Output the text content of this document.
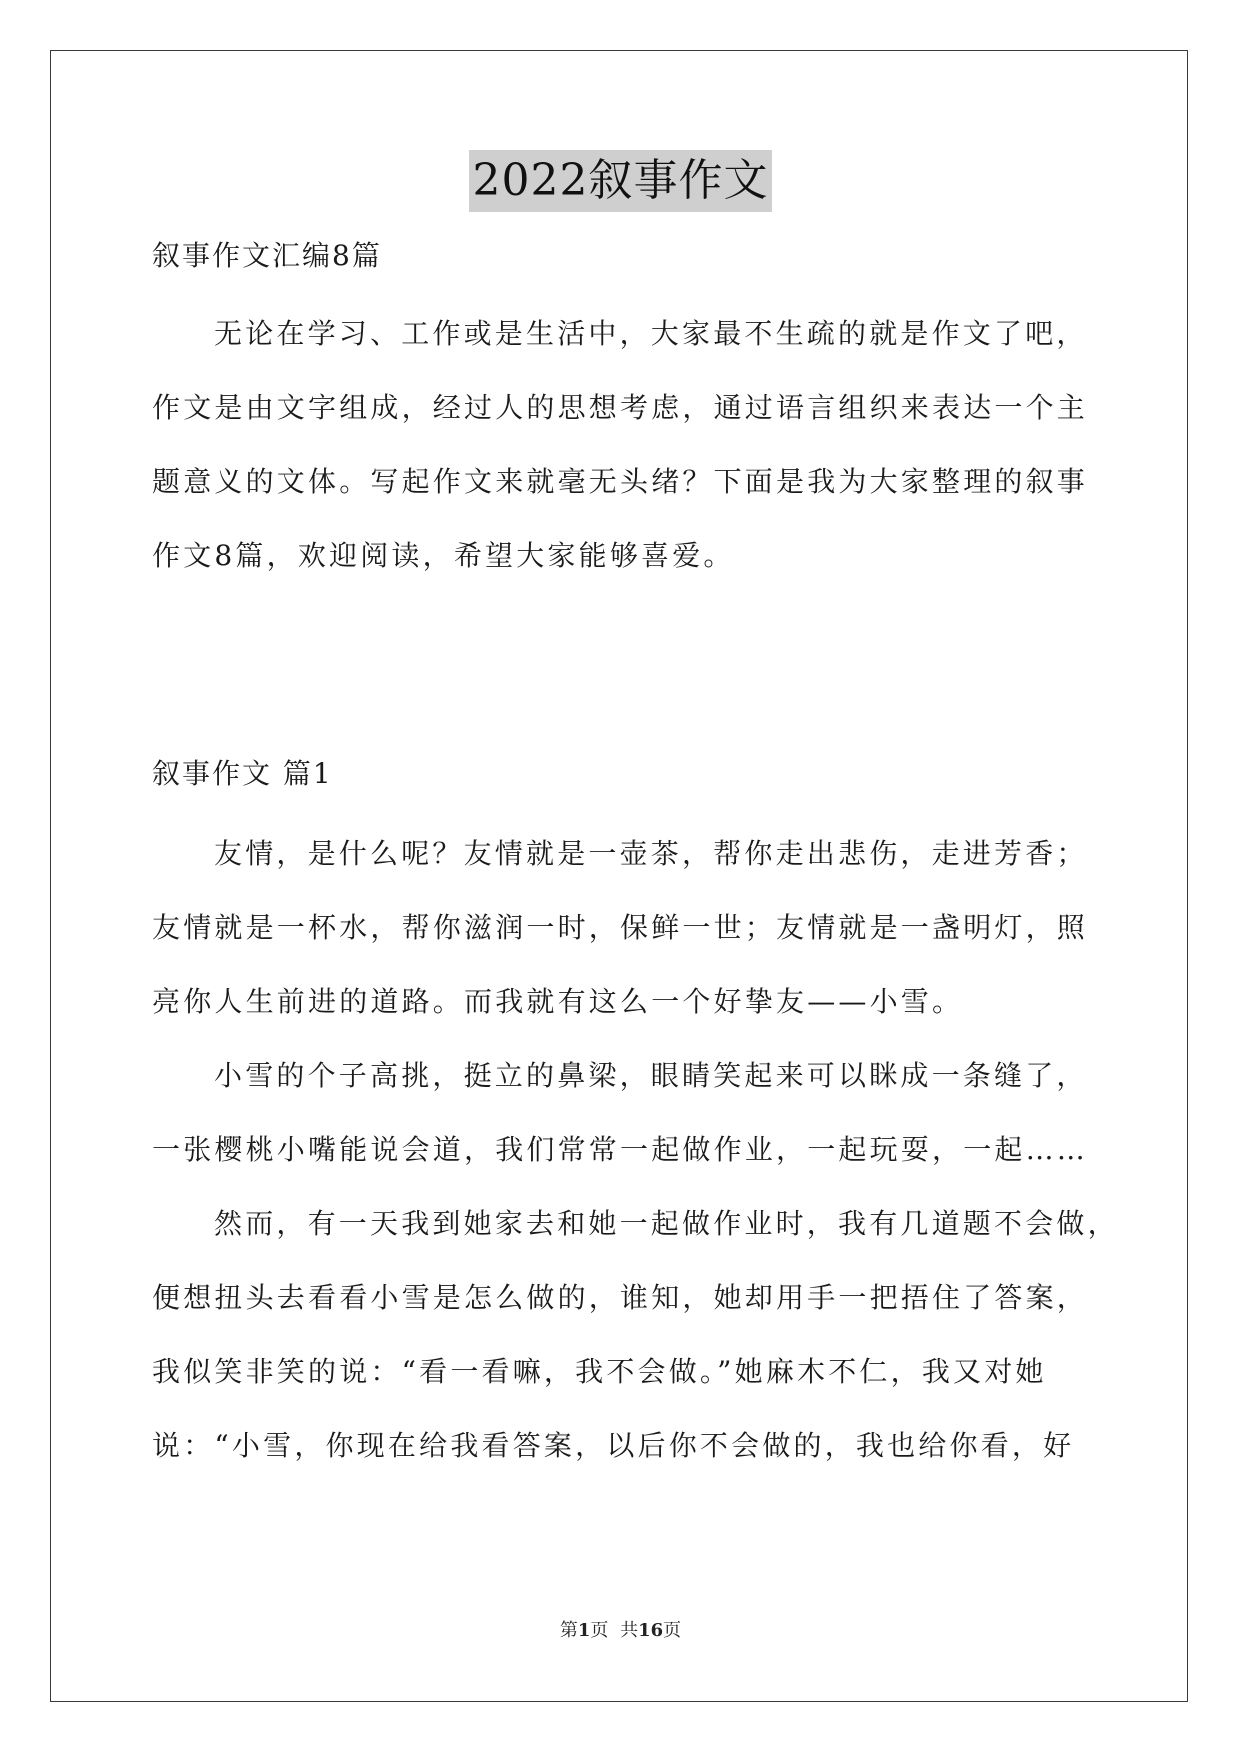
2022叙事作文
叙事作文汇编8篇
无论在学习、工作或是生活中，大家最不生疏的就是作文了吧，
作文是由文字组成，经过人的思想考虑，通过语言组织来表达一个主
题意义的文体。写起作文来就毫无头绪？下面是我为大家整理的叙事
作文8篇，欢迎阅读，希望大家能够喜爱。
叙事作文 篇1
友情，是什么呢？友情就是一壶茶，帮你走出悲伤，走进芳香；
友情就是一杯水，帮你滋润一时，保鲜一世；友情就是一盏明灯，照
亮你人生前进的道路。而我就有这么一个好挚友——小雪。
小雪的个子高挑，挺立的鼻梁，眼睛笑起来可以眯成一条缝了，
一张樱桃小嘴能说会道，我们常常一起做作业，一起玩耍，一起……
然而，有一天我到她家去和她一起做作业时，我有几道题不会做，
便想扭头去看看小雪是怎么做的，谁知，她却用手一把捂住了答案，
我似笑非笑的说：“看一看嘛，我不会做。”她麻木不仁，我又对她
说：“小雪，你现在给我看答案，以后你不会做的，我也给你看，好
第1页 共16页
